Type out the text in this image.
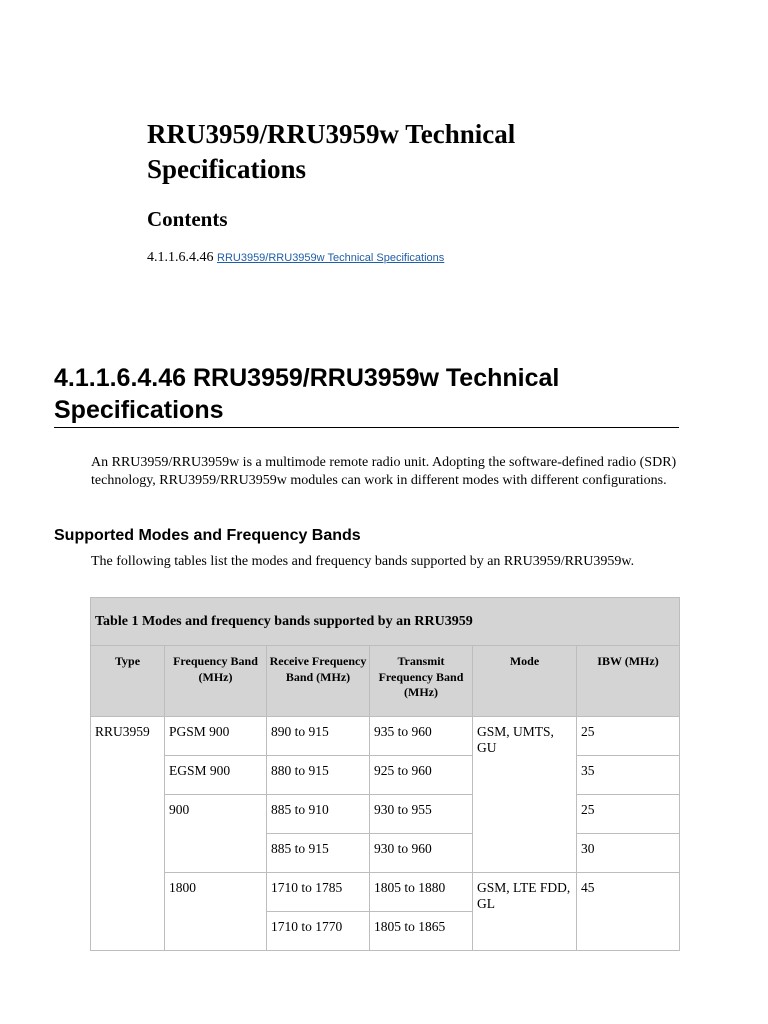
RRU3959/RRU3959w Technical Specifications
Contents
4.1.1.6.4.46 RRU3959/RRU3959w Technical Specifications
4.1.1.6.4.46 RRU3959/RRU3959w Technical Specifications

An RRU3959/RRU3959w is a multimode remote radio unit. Adopting the software-defined radio (SDR) technology, RRU3959/RRU3959w modules can work in different modes with different configurations.

Supported Modes and Frequency Bands

The following tables list the modes and frequency bands supported by an RRU3959/RRU3959w.

Table 1 Modes and frequency bands supported by an RRU3959					
Type	Frequency Band (MHz)	Receive Frequency Band (MHz)	Transmit Frequency Band (MHz)	Mode	IBW (MHz)
RRU3959	PGSM 900	890 to 915	935 to 960	GSM, UMTS, GU	25
	EGSM 900	880 to 915	925 to 960		35
	900	885 to 910	930 to 955		25
		885 to 915	930 to 960		30
	1800	1710 to 1785	1805 to 1880	GSM, LTE FDD, GL	45
		1710 to 1770	1805 to 1865		
